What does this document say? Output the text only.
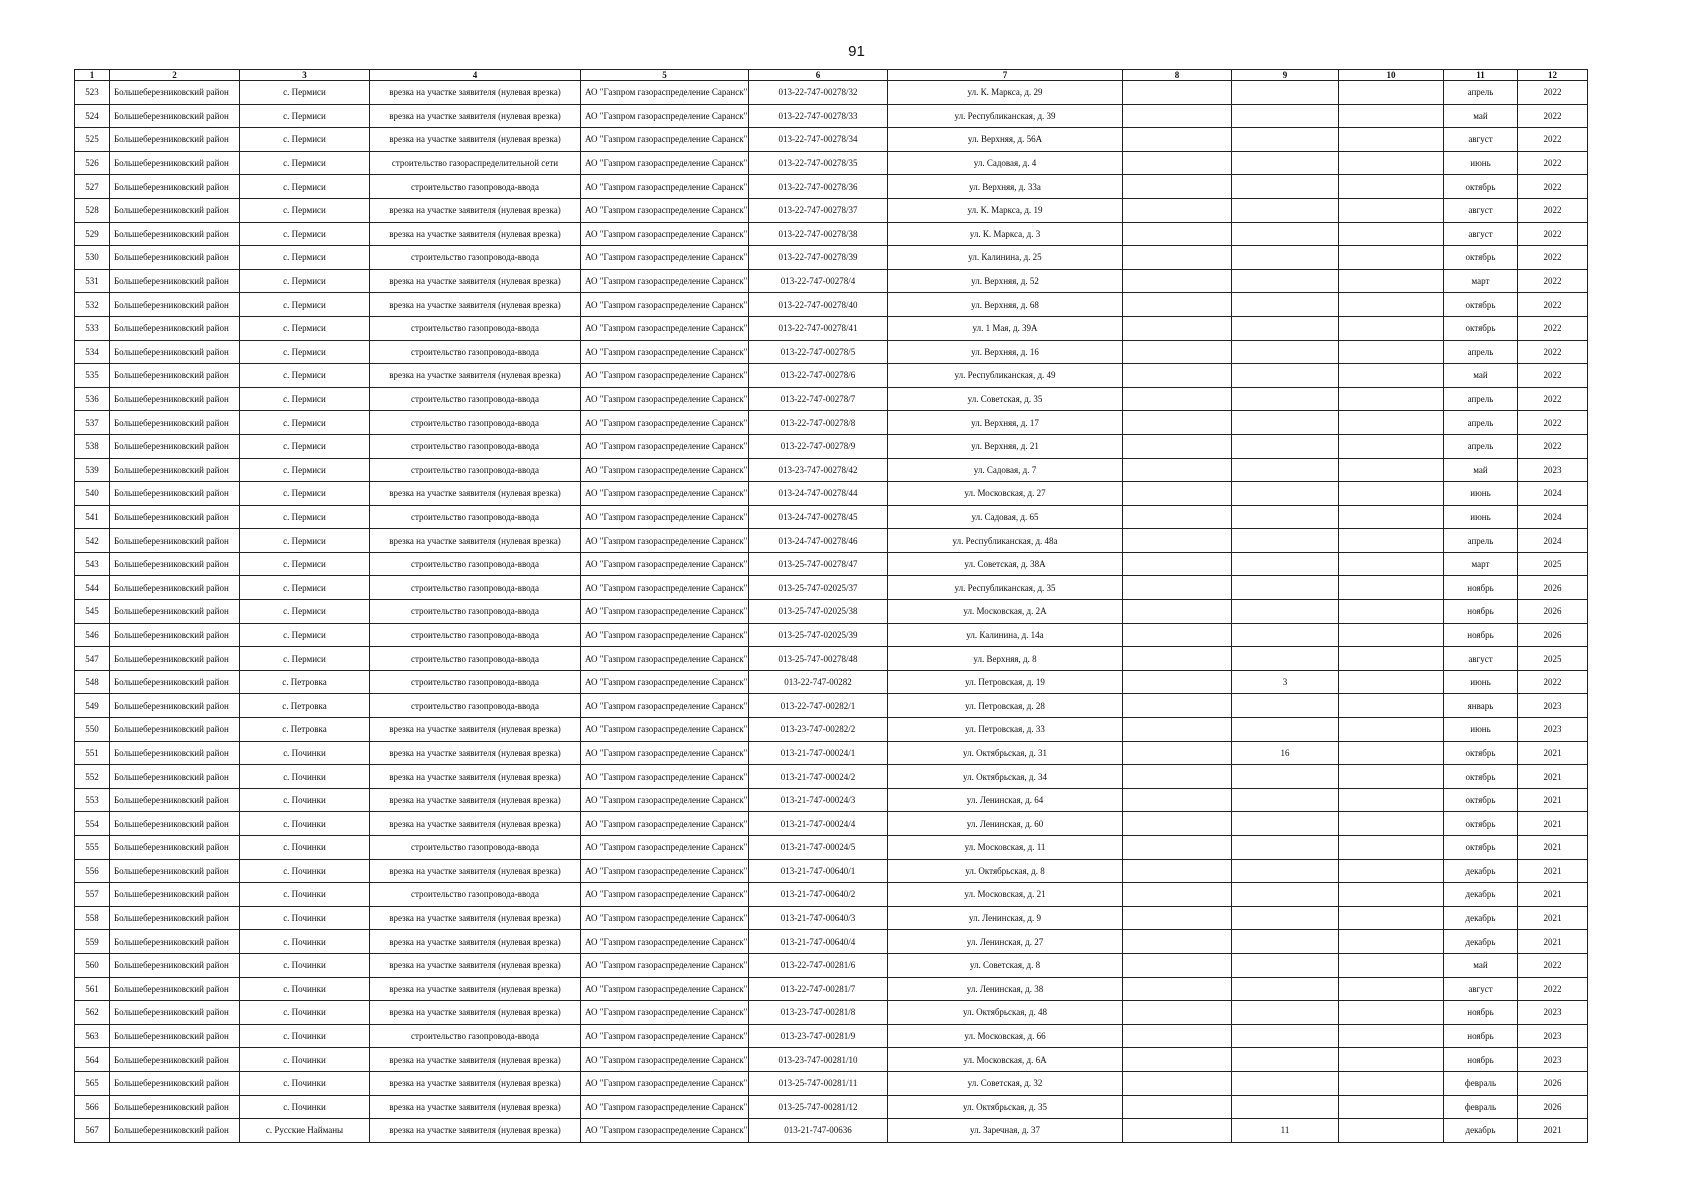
91
1	2	3	4	5	6	7	8	9	10	11	12
523	Большеберезниковский район	с. Пермиси	врезка на участке заявителя (нулевая врезка)	АО "Газпром газораспределение Саранск"	013-22-747-00278/32	ул. К. Маркса, д. 29				апрель	2022
524	Большеберезниковский район	с. Пермиси	врезка на участке заявителя (нулевая врезка)	АО "Газпром газораспределение Саранск"	013-22-747-00278/33	ул. Республиканская, д. 39				май	2022
525	Большеберезниковский район	с. Пермиси	врезка на участке заявителя (нулевая врезка)	АО "Газпром газораспределение Саранск"	013-22-747-00278/34	ул. Верхняя, д. 56А				август	2022
526	Большеберезниковский район	с. Пермиси	строительство газораспределительной сети	АО "Газпром газораспределение Саранск"	013-22-747-00278/35	ул. Садовая, д. 4				июнь	2022
527	Большеберезниковский район	с. Пермиси	строительство газопровода-ввода	АО "Газпром газораспределение Саранск"	013-22-747-00278/36	ул. Верхняя, д. 33а				октябрь	2022
528	Большеберезниковский район	с. Пермиси	врезка на участке заявителя (нулевая врезка)	АО "Газпром газораспределение Саранск"	013-22-747-00278/37	ул. К. Маркса, д. 19				август	2022
529	Большеберезниковский район	с. Пермиси	врезка на участке заявителя (нулевая врезка)	АО "Газпром газораспределение Саранск"	013-22-747-00278/38	ул. К. Маркса, д. 3				август	2022
530	Большеберезниковский район	с. Пермиси	строительство газопровода-ввода	АО "Газпром газораспределение Саранск"	013-22-747-00278/39	ул. Калинина, д. 25				октябрь	2022
531	Большеберезниковский район	с. Пермиси	врезка на участке заявителя (нулевая врезка)	АО "Газпром газораспределение Саранск"	013-22-747-00278/4	ул. Верхняя, д. 52				март	2022
532	Большеберезниковский район	с. Пермиси	врезка на участке заявителя (нулевая врезка)	АО "Газпром газораспределение Саранск"	013-22-747-00278/40	ул. Верхняя, д. 68				октябрь	2022
533	Большеберезниковский район	с. Пермиси	строительство газопровода-ввода	АО "Газпром газораспределение Саранск"	013-22-747-00278/41	ул. 1 Мая, д. 39А				октябрь	2022
534	Большеберезниковский район	с. Пермиси	строительство газопровода-ввода	АО "Газпром газораспределение Саранск"	013-22-747-00278/5	ул. Верхняя, д. 16				апрель	2022
535	Большеберезниковский район	с. Пермиси	врезка на участке заявителя (нулевая врезка)	АО "Газпром газораспределение Саранск"	013-22-747-00278/6	ул. Республиканская, д. 49				май	2022
536	Большеберезниковский район	с. Пермиси	строительство газопровода-ввода	АО "Газпром газораспределение Саранск"	013-22-747-00278/7	ул. Советская, д. 35				апрель	2022
537	Большеберезниковский район	с. Пермиси	строительство газопровода-ввода	АО "Газпром газораспределение Саранск"	013-22-747-00278/8	ул. Верхняя, д. 17				апрель	2022
538	Большеберезниковский район	с. Пермиси	строительство газопровода-ввода	АО "Газпром газораспределение Саранск"	013-22-747-00278/9	ул. Верхняя, д. 21				апрель	2022
539	Большеберезниковский район	с. Пермиси	строительство газопровода-ввода	АО "Газпром газораспределение Саранск"	013-23-747-00278/42	ул. Садовая, д. 7				май	2023
540	Большеберезниковский район	с. Пермиси	врезка на участке заявителя (нулевая врезка)	АО "Газпром газораспределение Саранск"	013-24-747-00278/44	ул. Московская, д. 27				июнь	2024
541	Большеберезниковский район	с. Пермиси	строительство газопровода-ввода	АО "Газпром газораспределение Саранск"	013-24-747-00278/45	ул. Садовая, д. 65				июнь	2024
542	Большеберезниковский район	с. Пермиси	врезка на участке заявителя (нулевая врезка)	АО "Газпром газораспределение Саранск"	013-24-747-00278/46	ул. Республиканская, д. 48а				апрель	2024
543	Большеберезниковский район	с. Пермиси	строительство газопровода-ввода	АО "Газпром газораспределение Саранск"	013-25-747-00278/47	ул. Советская, д. 38А				март	2025
544	Большеберезниковский район	с. Пермиси	строительство газопровода-ввода	АО "Газпром газораспределение Саранск"	013-25-747-02025/37	ул. Республиканская, д. 35				ноябрь	2026
545	Большеберезниковский район	с. Пермиси	строительство газопровода-ввода	АО "Газпром газораспределение Саранск"	013-25-747-02025/38	ул. Московская, д. 2А				ноябрь	2026
546	Большеберезниковский район	с. Пермиси	строительство газопровода-ввода	АО "Газпром газораспределение Саранск"	013-25-747-02025/39	ул. Калинина, д. 14а				ноябрь	2026
547	Большеберезниковский район	с. Пермиси	строительство газопровода-ввода	АО "Газпром газораспределение Саранск"	013-25-747-00278/48	ул. Верхняя, д. 8				август	2025
548	Большеберезниковский район	с. Петровка	строительство газопровода-ввода	АО "Газпром газораспределение Саранск"	013-22-747-00282	ул. Петровская, д. 19		3		июнь	2022
549	Большеберезниковский район	с. Петровка	строительство газопровода-ввода	АО "Газпром газораспределение Саранск"	013-22-747-00282/1	ул. Петровская, д. 28				январь	2023
550	Большеберезниковский район	с. Петровка	врезка на участке заявителя (нулевая врезка)	АО "Газпром газораспределение Саранск"	013-23-747-00282/2	ул. Петровская, д. 33				июнь	2023
551	Большеберезниковский район	с. Починки	врезка на участке заявителя (нулевая врезка)	АО "Газпром газораспределение Саранск"	013-21-747-00024/1	ул. Октябрьская, д. 31		16		октябрь	2021
552	Большеберезниковский район	с. Починки	врезка на участке заявителя (нулевая врезка)	АО "Газпром газораспределение Саранск"	013-21-747-00024/2	ул. Октябрьская, д. 34				октябрь	2021
553	Большеберезниковский район	с. Починки	врезка на участке заявителя (нулевая врезка)	АО "Газпром газораспределение Саранск"	013-21-747-00024/3	ул. Ленинская, д. 64				октябрь	2021
554	Большеберезниковский район	с. Починки	врезка на участке заявителя (нулевая врезка)	АО "Газпром газораспределение Саранск"	013-21-747-00024/4	ул. Ленинская, д. 60				октябрь	2021
555	Большеберезниковский район	с. Починки	строительство газопровода-ввода	АО "Газпром газораспределение Саранск"	013-21-747-00024/5	ул. Московская, д. 11				октябрь	2021
556	Большеберезниковский район	с. Починки	врезка на участке заявителя (нулевая врезка)	АО "Газпром газораспределение Саранск"	013-21-747-00640/1	ул. Октябрьская, д. 8				декабрь	2021
557	Большеберезниковский район	с. Починки	строительство газопровода-ввода	АО "Газпром газораспределение Саранск"	013-21-747-00640/2	ул. Московская, д. 21				декабрь	2021
558	Большеберезниковский район	с. Починки	врезка на участке заявителя (нулевая врезка)	АО "Газпром газораспределение Саранск"	013-21-747-00640/3	ул. Ленинская, д. 9				декабрь	2021
559	Большеберезниковский район	с. Починки	врезка на участке заявителя (нулевая врезка)	АО "Газпром газораспределение Саранск"	013-21-747-00640/4	ул. Ленинская, д. 27				декабрь	2021
560	Большеберезниковский район	с. Починки	врезка на участке заявителя (нулевая врезка)	АО "Газпром газораспределение Саранск"	013-22-747-00281/6	ул. Советская, д. 8				май	2022
561	Большеберезниковский район	с. Починки	врезка на участке заявителя (нулевая врезка)	АО "Газпром газораспределение Саранск"	013-22-747-00281/7	ул. Ленинская, д. 38				август	2022
562	Большеберезниковский район	с. Починки	врезка на участке заявителя (нулевая врезка)	АО "Газпром газораспределение Саранск"	013-23-747-00281/8	ул. Октябрьская, д. 48				ноябрь	2023
563	Большеберезниковский район	с. Починки	строительство газопровода-ввода	АО "Газпром газораспределение Саранск"	013-23-747-00281/9	ул. Московская, д. 66				ноябрь	2023
564	Большеберезниковский район	с. Починки	врезка на участке заявителя (нулевая врезка)	АО "Газпром газораспределение Саранск"	013-23-747-00281/10	ул. Московская, д. 6А				ноябрь	2023
565	Большеберезниковский район	с. Починки	врезка на участке заявителя (нулевая врезка)	АО "Газпром газораспределение Саранск"	013-25-747-00281/11	ул. Советская, д. 32				февраль	2026
566	Большеберезниковский район	с. Починки	врезка на участке заявителя (нулевая врезка)	АО "Газпром газораспределение Саранск"	013-25-747-00281/12	ул. Октябрьская, д. 35				февраль	2026
567	Большеберезниковский район	с. Русские Найманы	врезка на участке заявителя (нулевая врезка)	АО "Газпром газораспределение Саранск"	013-21-747-00636	ул. Заречная, д. 37		11		декабрь	2021
